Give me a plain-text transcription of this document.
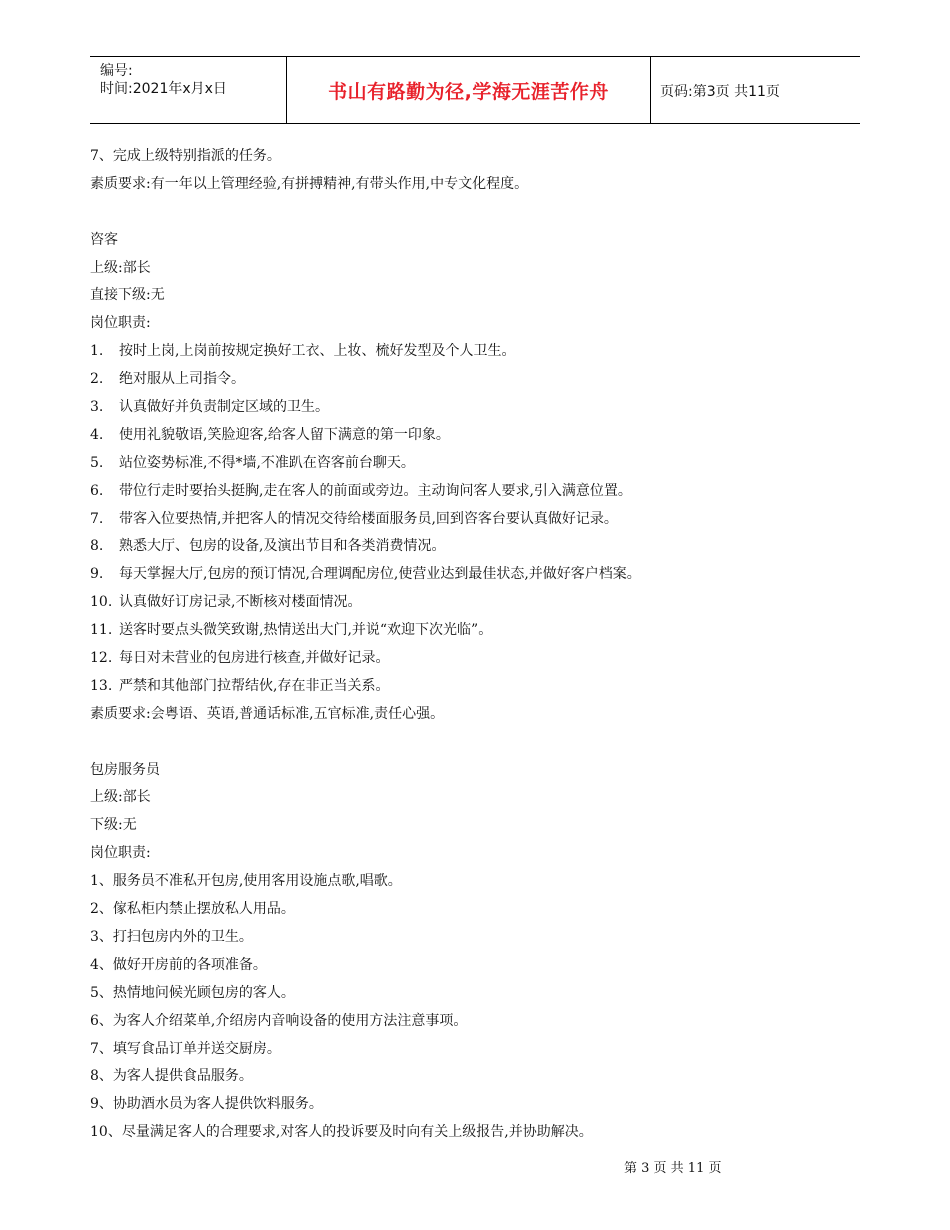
编号:
时间:2021年x月x日	书山有路勤为径,学海无涯苦作舟	页码:第3页 共11页
7、完成上级特别指派的任务。
素质要求:有一年以上管理经验,有拼搏精神,有带头作用,中专文化程度。
咨客
上级:部长
直接下级:无
岗位职责:
1. 按时上岗,上岗前按规定换好工衣、上妆、梳好发型及个人卫生。
2. 绝对服从上司指令。
3. 认真做好并负责制定区域的卫生。
4. 使用礼貌敬语,笑脸迎客,给客人留下满意的第一印象。
5. 站位姿势标准,不得*墙,不准趴在咨客前台聊天。
6. 带位行走时要抬头挺胸,走在客人的前面或旁边。主动询问客人要求,引入满意位置。
7. 带客入位要热情,并把客人的情况交待给楼面服务员,回到咨客台要认真做好记录。
8. 熟悉大厅、包房的设备,及演出节目和各类消费情况。
9. 每天掌握大厅,包房的预订情况,合理调配房位,使营业达到最佳状态,并做好客户档案。
10. 认真做好订房记录,不断核对楼面情况。
11. 送客时要点头微笑致谢,热情送出大门,并说“欢迎下次光临”。
12. 每日对未营业的包房进行核查,并做好记录。
13. 严禁和其他部门拉帮结伙,存在非正当关系。
素质要求:会粤语、英语,普通话标准,五官标准,责任心强。
包房服务员
上级:部长
下级:无
岗位职责:
1、服务员不准私开包房,使用客用设施点歌,唱歌。
2、傢私柜内禁止摆放私人用品。
3、打扫包房内外的卫生。
4、做好开房前的各项准备。
5、热情地问候光顾包房的客人。
6、为客人介绍菜单,介绍房内音响设备的使用方法注意事项。
7、填写食品订单并送交厨房。
8、为客人提供食品服务。
9、协助酒水员为客人提供饮料服务。
10、尽量满足客人的合理要求,对客人的投诉要及时向有关上级报告,并协助解决。
第 3 页 共 11 页
